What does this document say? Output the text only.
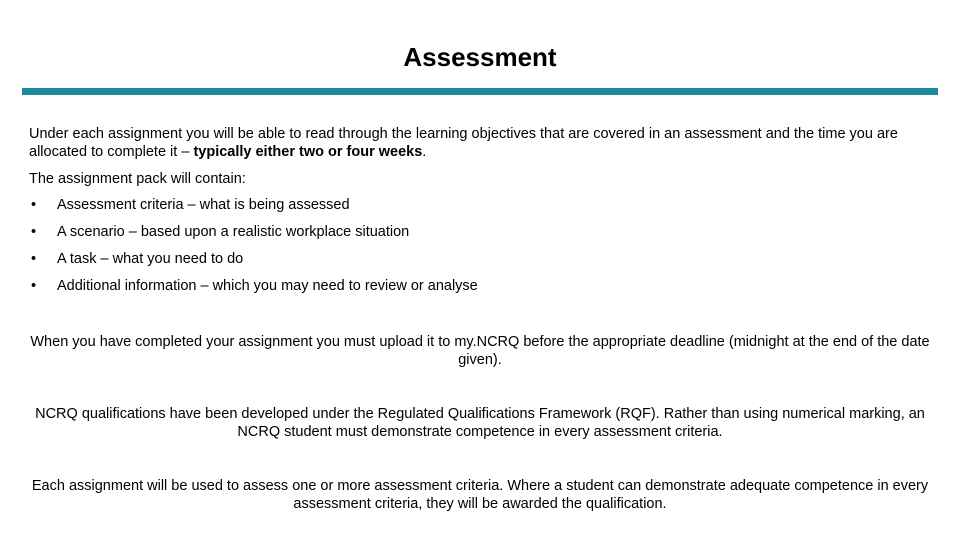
Assessment

Under each assignment you will be able to read through the learning objectives that are covered in an assessment and the time you are allocated to complete it – typically either two or four weeks.

The assignment pack will contain:

• Assessment criteria – what is being assessed
• A scenario – based upon a realistic workplace situation
• A task – what you need to do
• Additional information – which you may need to review or analyse

When you have completed your assignment you must upload it to my.NCRQ before the appropriate deadline (midnight at the end of the date given).

NCRQ qualifications have been developed under the Regulated Qualifications Framework (RQF). Rather than using numerical marking, an NCRQ student must demonstrate competence in every assessment criteria.

Each assignment will be used to assess one or more assessment criteria. Where a student can demonstrate adequate competence in every assessment criteria, they will be awarded the qualification.
